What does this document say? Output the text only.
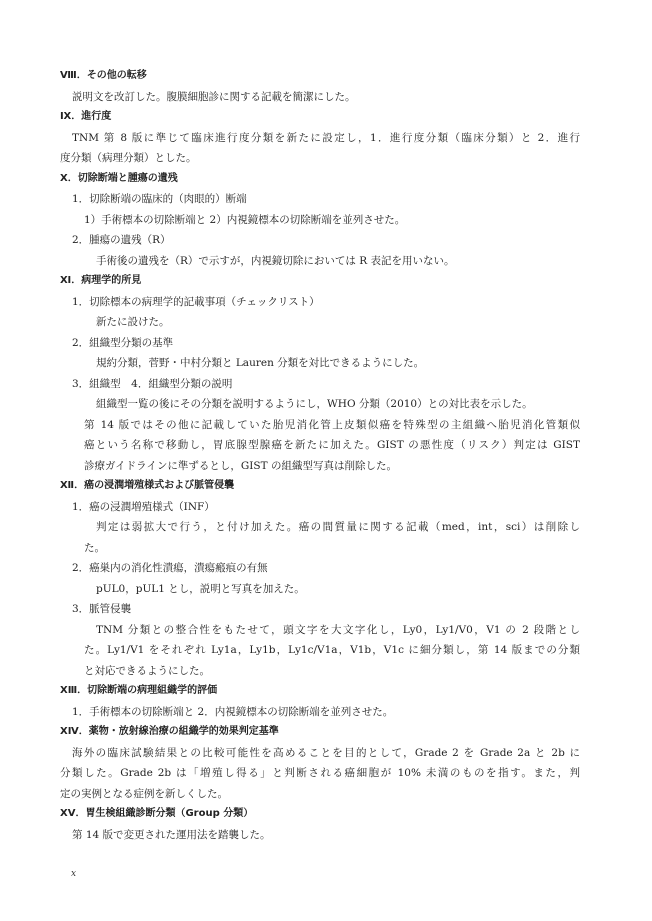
Ⅷ．その他の転移
説明文を改訂した。腹膜細胞診に関する記載を簡潔にした。
Ⅸ．進行度
TNM 第 8 版に準じて臨床進行度分類を新たに設定し，1．進行度分類（臨床分類）と 2．進行
度分類（病理分類）とした。
Ⅹ．切除断端と腫瘍の遺残
1．切除断端の臨床的（肉眼的）断端
1）手術標本の切除断端と 2）内視鏡標本の切除断端を並列させた。
2．腫瘍の遺残（R）
手術後の遺残を（R）で示すが，内視鏡切除においては R 表記を用いない。
Ⅺ．病理学的所見
1．切除標本の病理学的記載事項（チェックリスト）
新たに設けた。
2．組織型分類の基準
規約分類，菅野・中村分類と Lauren 分類を対比できるようにした。
3．組織型　4．組織型分類の説明
組織型一覧の後にその分類を説明するようにし，WHO 分類（2010）との対比表を示した。
第 14 版ではその他に記載していた胎児消化管上皮類似癌を特殊型の主組織へ胎児消化管類似
癌という名称で移動し，胃底腺型腺癌を新たに加えた。GIST の悪性度（リスク）判定は GIST
診療ガイドラインに準ずるとし，GIST の組織型写真は削除した。
Ⅻ．癌の浸潤増殖様式および脈管侵襲
1．癌の浸潤増殖様式（INF）
判定は弱拡大で行う，と付け加えた。癌の間質量に関する記載（med，int，sci）は削除し
た。
2．癌巣内の消化性潰瘍，潰瘍瘢痕の有無
pUL0，pUL1 とし，説明と写真を加えた。
3．脈管侵襲
TNM 分類との整合性をもたせて，頭文字を大文字化し，Ly0，Ly1/V0，V1 の 2 段階とし
た。Ly1/V1 をそれぞれ Ly1a，Ly1b，Ly1c/V1a，V1b，V1c に細分類し，第 14 版までの分類
と対応できるようにした。
ⅩⅢ．切除断端の病理組織学的評価
1．手術標本の切除断端と 2．内視鏡標本の切除断端を並列させた。
ⅩⅣ．薬物・放射線治療の組織学的効果判定基準
海外の臨床試験結果との比較可能性を高めることを目的として，Grade 2 を Grade 2a と 2b に
分類した。Grade 2b は「増殖し得る」と判断される癌細胞が 10% 未満のものを指す。また，判
定の実例となる症例を新しくした。
ⅩⅤ．胃生検組織診断分類（Group 分類）
第 14 版で変更された運用法を踏襲した。
x
